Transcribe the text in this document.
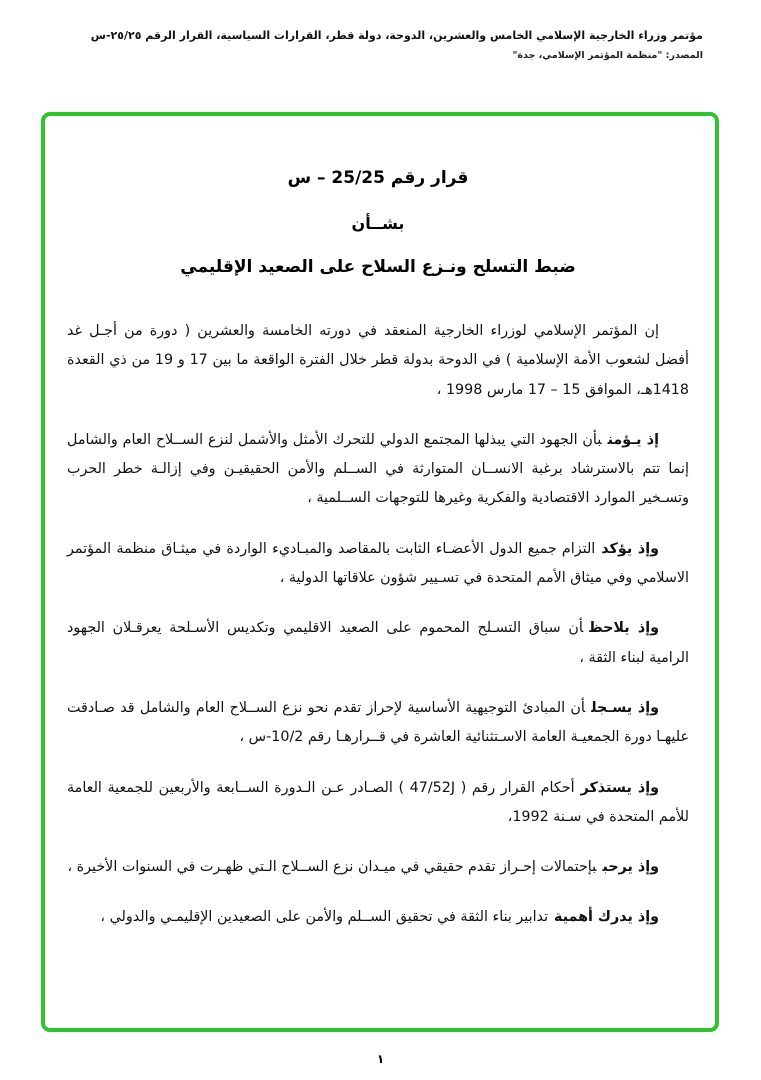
مؤتمر وزراء الخارجية الإسلامي الخامس والعشرين، الدوحة، دولة قطر، القرارات السياسية، القرار الرقم ٢٥/٢٥-س
المصدر: "منظمة المؤتمر الإسلامي، جدة"
قرار رقم 25/25 – س
بشــأن
ضبط التسلح ونـزع السلاح على الصعيد الإقليمي

إن المؤتمر الإسلامي لوزراء الخارجية المنعقد في دورته الخامسة والعشرين ( دورة من أجـل غد أفضل لشعوب الأمة الإسلامية ) في الدوحة بدولة قطر خلال الفترة الواقعة ما بين 17 و 19 من ذي القعدة 1418هـ، الموافق 15 – 17 مارس 1998 ،

إذ يـؤمنبأن الجهود التي يبذلها المجتمع الدولي للتحرك الأمثل والأشمل لنزع الســلاح العام والشامل إنما تتم بالاسترشاد برغبة الانســان المتوارثة في الســلم والأمن الحقيقيـن وفي إزالـة خطر الحرب وتسـخير الموارد الاقتصادية والفكرية وغيرها للتوجهات الســلمية ،

وإذ يؤكدالتزام جميع الدول الأعضـاء الثابت بالمقاصد والمبـاديء الواردة في ميثـاق منظمة المؤتمر الاسلامي وفي ميثاق الأمم المتحدة في تسـيير شؤون علاقاتها الدولية ،

وإذ يلاحظأن سباق التسـلح المحموم على الصعيد الاقليمي وتكديس الأسـلحة يعرقـلان الجهود الرامية لبناء الثقة ،

وإذ يسـجلأن المبادئ التوجيهية الأساسية لإحراز تقدم نحو نزع الســلاح العام والشامل قد صـادقت عليهـا دورة الجمعيـة العامة الاسـتثنائية العاشرة في قــرارهـا رقم 10/2-س ،

وإذ يستذكرأحكام القرار رقم ( 47/52J ) الصـادر عـن الـدورة الســابعة والأربعين للجمعية العامة للأمم المتحدة في سـنة 1992،

وإذ يرحببإحتمالات إحـراز تقدم حقيقي في ميـدان نزع الســلاح الـتي ظهـرت في السنوات الأخيرة ،

وإذ يدرك أهميةتدابير بناء الثقة في تحقيق الســلم والأمن على الصعيدين الإقليمـي والدولي ،

١
